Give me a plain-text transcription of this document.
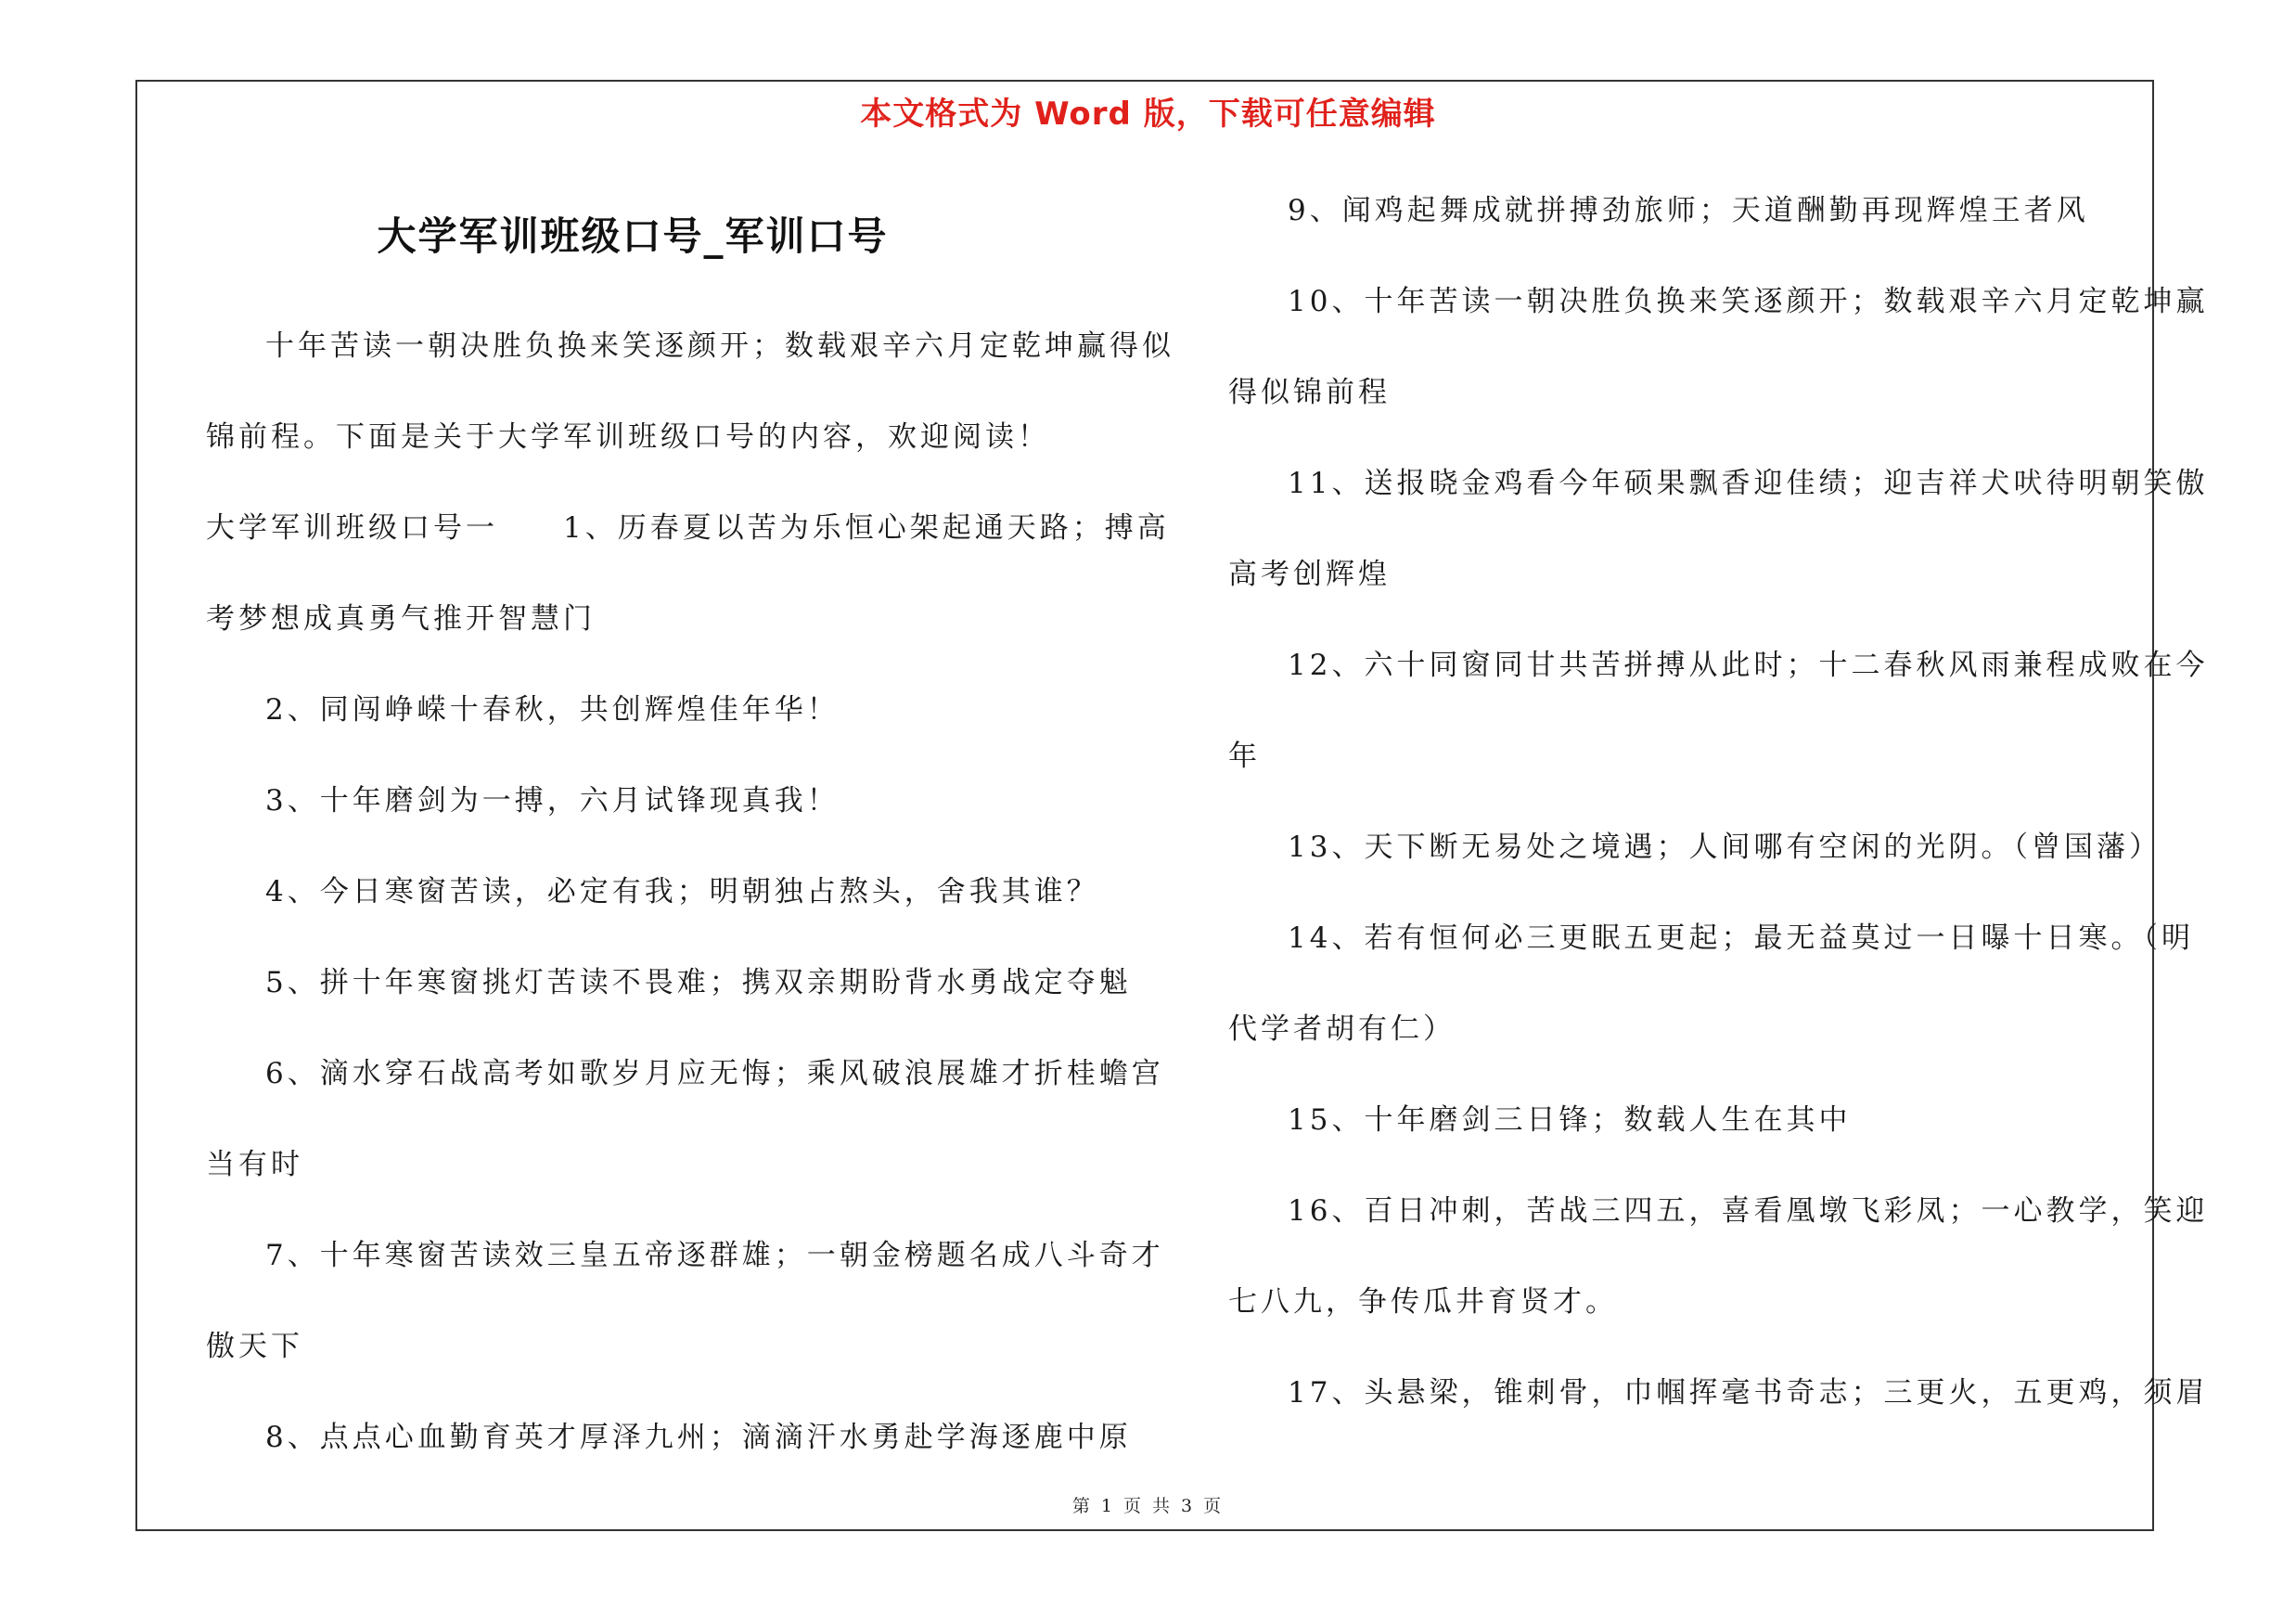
本文格式为 Word 版，下载可任意编辑
大学军训班级口号_军训口号

十年苦读一朝决胜负换来笑逐颜开；数载艰辛六月定乾坤赢得似

锦前程。下面是关于大学军训班级口号的内容，欢迎阅读！

大学军训班级口号一　　1、历春夏以苦为乐恒心架起通天路；搏高

考梦想成真勇气推开智慧门

2、同闯峥嵘十春秋，共创辉煌佳年华！

3、十年磨剑为一搏，六月试锋现真我！

4、今日寒窗苦读，必定有我；明朝独占熬头，舍我其谁？

5、拼十年寒窗挑灯苦读不畏难；携双亲期盼背水勇战定夺魁

6、滴水穿石战高考如歌岁月应无悔；乘风破浪展雄才折桂蟾宫

当有时

7、十年寒窗苦读效三皇五帝逐群雄；一朝金榜题名成八斗奇才

傲天下

8、点点心血勤育英才厚泽九州；滴滴汗水勇赴学海逐鹿中原

9、闻鸡起舞成就拼搏劲旅师；天道酬勤再现辉煌王者风

10、十年苦读一朝决胜负换来笑逐颜开；数载艰辛六月定乾坤赢

得似锦前程

11、送报晓金鸡看今年硕果飘香迎佳绩；迎吉祥犬吠待明朝笑傲

高考创辉煌

12、六十同窗同甘共苦拼搏从此时；十二春秋风雨兼程成败在今

年

13、天下断无易处之境遇；人间哪有空闲的光阴。（曾国藩）

14、若有恒何必三更眠五更起；最无益莫过一日曝十日寒。（明

代学者胡有仁）

15、十年磨剑三日锋；数载人生在其中

16、百日冲刺，苦战三四五，喜看凰墩飞彩凤；一心教学，笑迎

七八九，争传瓜井育贤才。

17、头悬梁，锥刺骨，巾帼挥毫书奇志；三更火，五更鸡，须眉

第 1 页 共 3 页
